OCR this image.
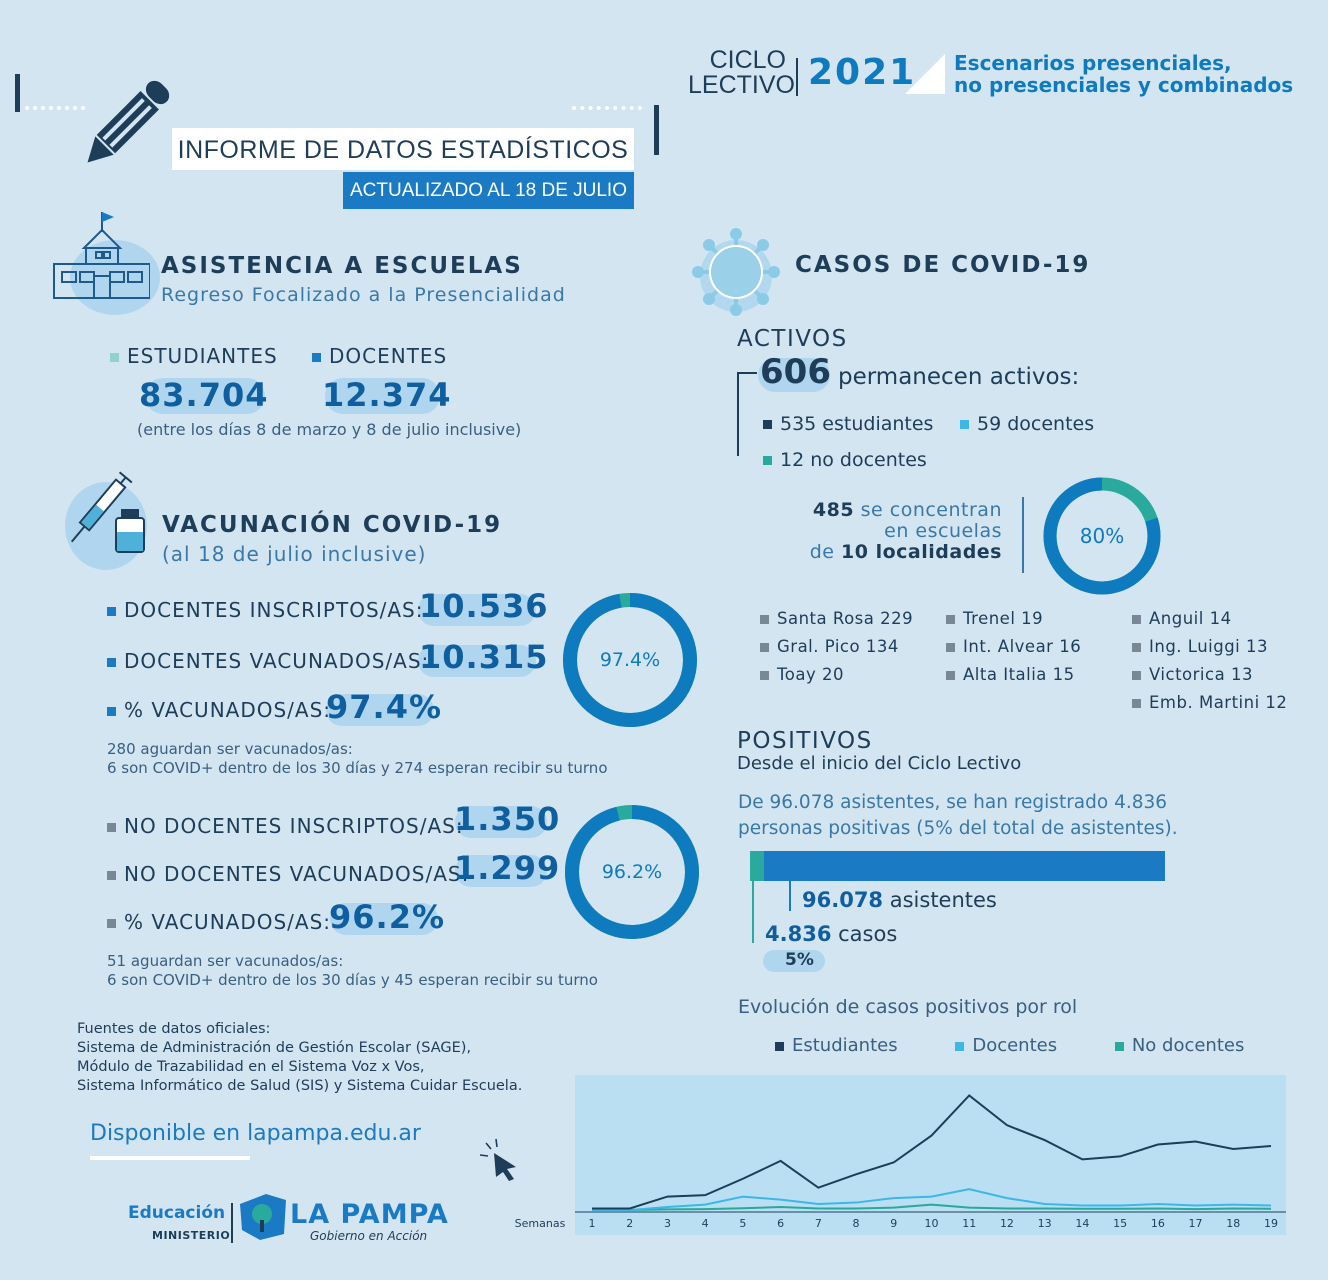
INFORME DE DATOS ESTADÍSTICOS
ACTUALIZADO AL 18 DE JULIO
CICLO
LECTIVO 2021 Escenarios presenciales,
no presenciales y combinados
ASISTENCIA A ESCUELAS
Regreso Focalizado a la Presencialidad
ESTUDIANTES	DOCENTES
83.704 12.374
(entre los días 8 de marzo y 8 de julio inclusive)
VACUNACIÓN COVID-19
(al 18 de julio inclusive)
DOCENTES INSCRIPTOS/AS:
10.536
DOCENTES VACUNADOS/AS:
10.315
% VACUNADOS/AS:
97.4%
280 aguardan ser vacunados/as:
6 son COVID+ dentro de los 30 días y 274 esperan recibir su turno
97.4%
NO DOCENTES INSCRIPTOS/AS:
1.350
NO DOCENTES VACUNADOS/AS:
1.299
% VACUNADOS/AS:
96.2%
51 aguardan ser vacunados/as:
6 son COVID+ dentro de los 30 días y 45 esperan recibir su turno
96.2%
CASOS DE COVID-19
ACTIVOS
606 permanecen activos:
535 estudiantes	59 docentes
12 no docentes
485 se concentran
en escuelas
de 10 localidades
80%
Santa Rosa 229
Gral. Pico 134
Toay 20
Trenel 19
Int. Alvear 16
Alta Italia 15
Anguil 14
Ing. Luiggi 13
Victorica 13
Emb. Martini 12
POSITIVOS
Desde el inicio del Ciclo Lectivo
De 96.078 asistentes, se han registrado 4.836
personas positivas (5% del total de asistentes).
96.078 asistentes
4.836 casos
5%
Evolución de casos positivos por rol
Estudiantes	Docentes	No docentes
Semanas 1	2	3	4	5	6	7	8	9 10 11 12 13 14 15 16 17 18 19
Fuentes de datos oficiales:
Sistema de Administración de Gestión Escolar (SAGE),
Módulo de Trazabilidad en el Sistema Voz x Vos,
Sistema Informático de Salud (SIS) y Sistema Cuidar Escuela.
Disponible en lapampa.edu.ar
Educación
MINISTERIO
LA PAMPA
Gobierno en Acción
